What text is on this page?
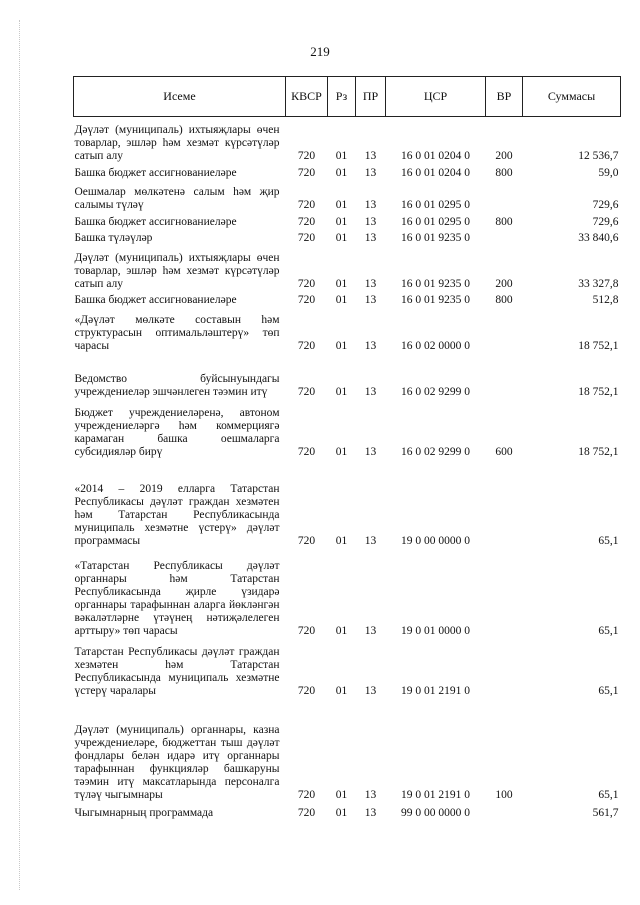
219
Исеме	КВСР	Рз	ПР	ЦСР	ВР	Суммасы
Дәүләт (муниципаль) ихтыяҗлары өчен товарлар, эшләр һәм хезмәт күрсәтүләр сатып алу	720	01	13	16 0 01 0204 0	200	12 536,7
Башка бюджет ассигнованиеләре	720	01	13	16 0 01 0204 0	800	59,0
Оешмалар мөлкәтенә салым һәм җир салымы түләү	720	01	13	16 0 01 0295 0		729,6
Башка бюджет ассигнованиеләре	720	01	13	16 0 01 0295 0	800	729,6
Башка түләүләр	720	01	13	16 0 01 9235 0		33 840,6
Дәүләт (муниципаль) ихтыяҗлары өчен товарлар, эшләр һәм хезмәт күрсәтүләр сатып алу	720	01	13	16 0 01 9235 0	200	33 327,8
Башка бюджет ассигнованиеләре	720	01	13	16 0 01 9235 0	800	512,8
«Дәүләт мөлкәте составын һәм структурасын оптимальләштерү» төп чарасы	720	01	13	16 0 02 0000 0		18 752,1
Ведомство буйсынуындагы учреждениеләр эшчәнлеген тәэмин итү	720	01	13	16 0 02 9299 0		18 752,1
Бюджет учреждениеләренә, автоном учреждениеләргә һәм коммерциягә карамаган башка оешмаларга субсидияләр бирү	720	01	13	16 0 02 9299 0	600	18 752,1
«2014 – 2019 елларга Татарстан Республикасы дәүләт граждан хезмәтен һәм Татарстан Республикасында муниципаль хезмәтне үстерү» дәүләт программасы	720	01	13	19 0 00 0000 0		65,1
«Татарстан Республикасы дәүләт органнары һәм Татарстан Республикасында җирле үзидарә органнары тарафыннан аларга йөкләнгән вәкаләтләрне үтәүнең нәтиҗәлелеген арттыру» төп чарасы	720	01	13	19 0 01 0000 0		65,1
Татарстан Республикасы дәүләт граждан хезмәтен һәм Татарстан Республикасында муниципаль хезмәтне үстерү чаралары	720	01	13	19 0 01 2191 0		65,1
Дәүләт (муниципаль) органнары, казна учреждениеләре, бюджеттан тыш дәүләт фондлары белән идарә итү органнары тарафыннан функцияләр башкаруны тәэмин итү максатларында персоналга түләү чыгымнары	720	01	13	19 0 01 2191 0	100	65,1
Чыгымнарның программада	720	01	13	99 0 00 0000 0		561,7
